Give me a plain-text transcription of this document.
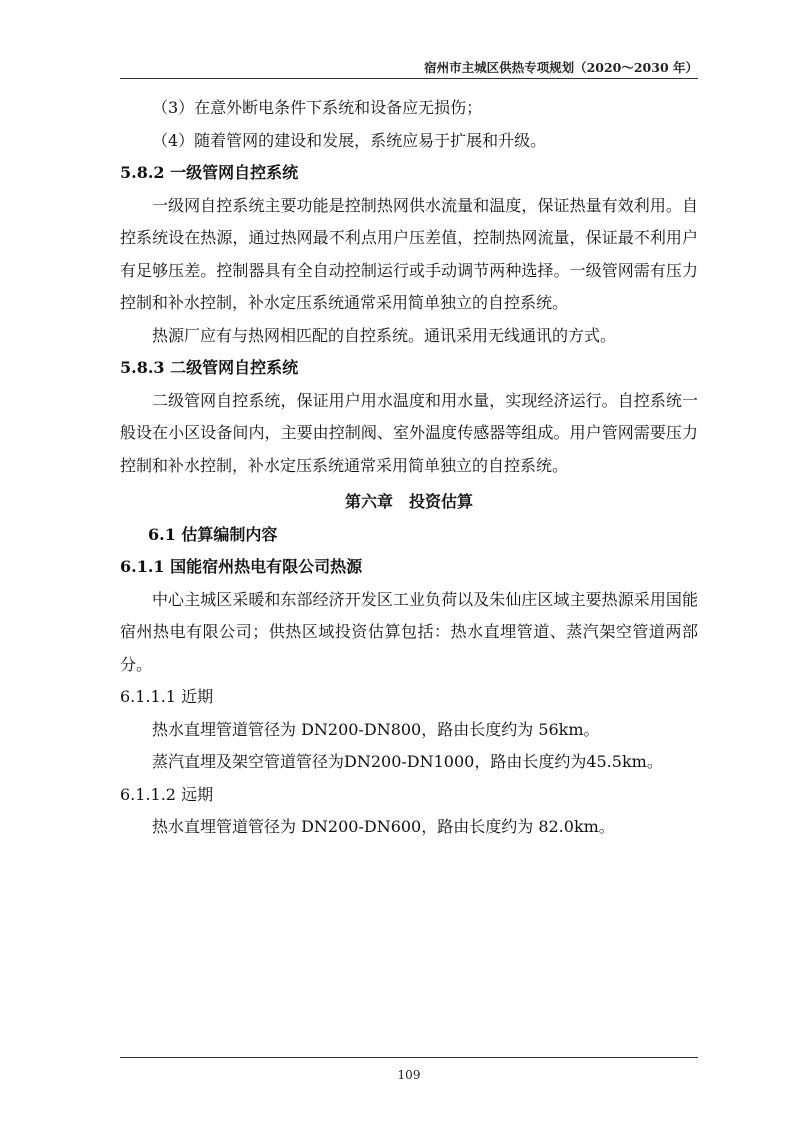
宿州市主城区供热专项规划（2020～2030 年）

（3）在意外断电条件下系统和设备应无损伤；

（4）随着管网的建设和发展，系统应易于扩展和升级。

5.8.2 一级管网自控系统

一级网自控系统主要功能是控制热网供水流量和温度，保证热量有效利用。自控系统设在热源，通过热网最不利点用户压差值，控制热网流量，保证最不利用户有足够压差。控制器具有全自动控制运行或手动调节两种选择。一级管网需有压力控制和补水控制，补水定压系统通常采用简单独立的自控系统。

热源厂应有与热网相匹配的自控系统。通讯采用无线通讯的方式。

5.8.3 二级管网自控系统

二级管网自控系统，保证用户用水温度和用水量，实现经济运行。自控系统一般设在小区设备间内，主要由控制阀、室外温度传感器等组成。用户管网需要压力控制和补水控制，补水定压系统通常采用简单独立的自控系统。

第六章　投资估算

6.1 估算编制内容

6.1.1 国能宿州热电有限公司热源

中心主城区采暖和东部经济开发区工业负荷以及朱仙庄区域主要热源采用国能宿州热电有限公司；供热区域投资估算包括：热水直埋管道、蒸汽架空管道两部分。

6.1.1.1 近期

热水直埋管道管径为 DN200-DN800，路由长度约为 56km。

蒸汽直埋及架空管道管径为DN200-DN1000，路由长度约为45.5km。

6.1.1.2 远期

热水直埋管道管径为 DN200-DN600，路由长度约为 82.0km。

109
